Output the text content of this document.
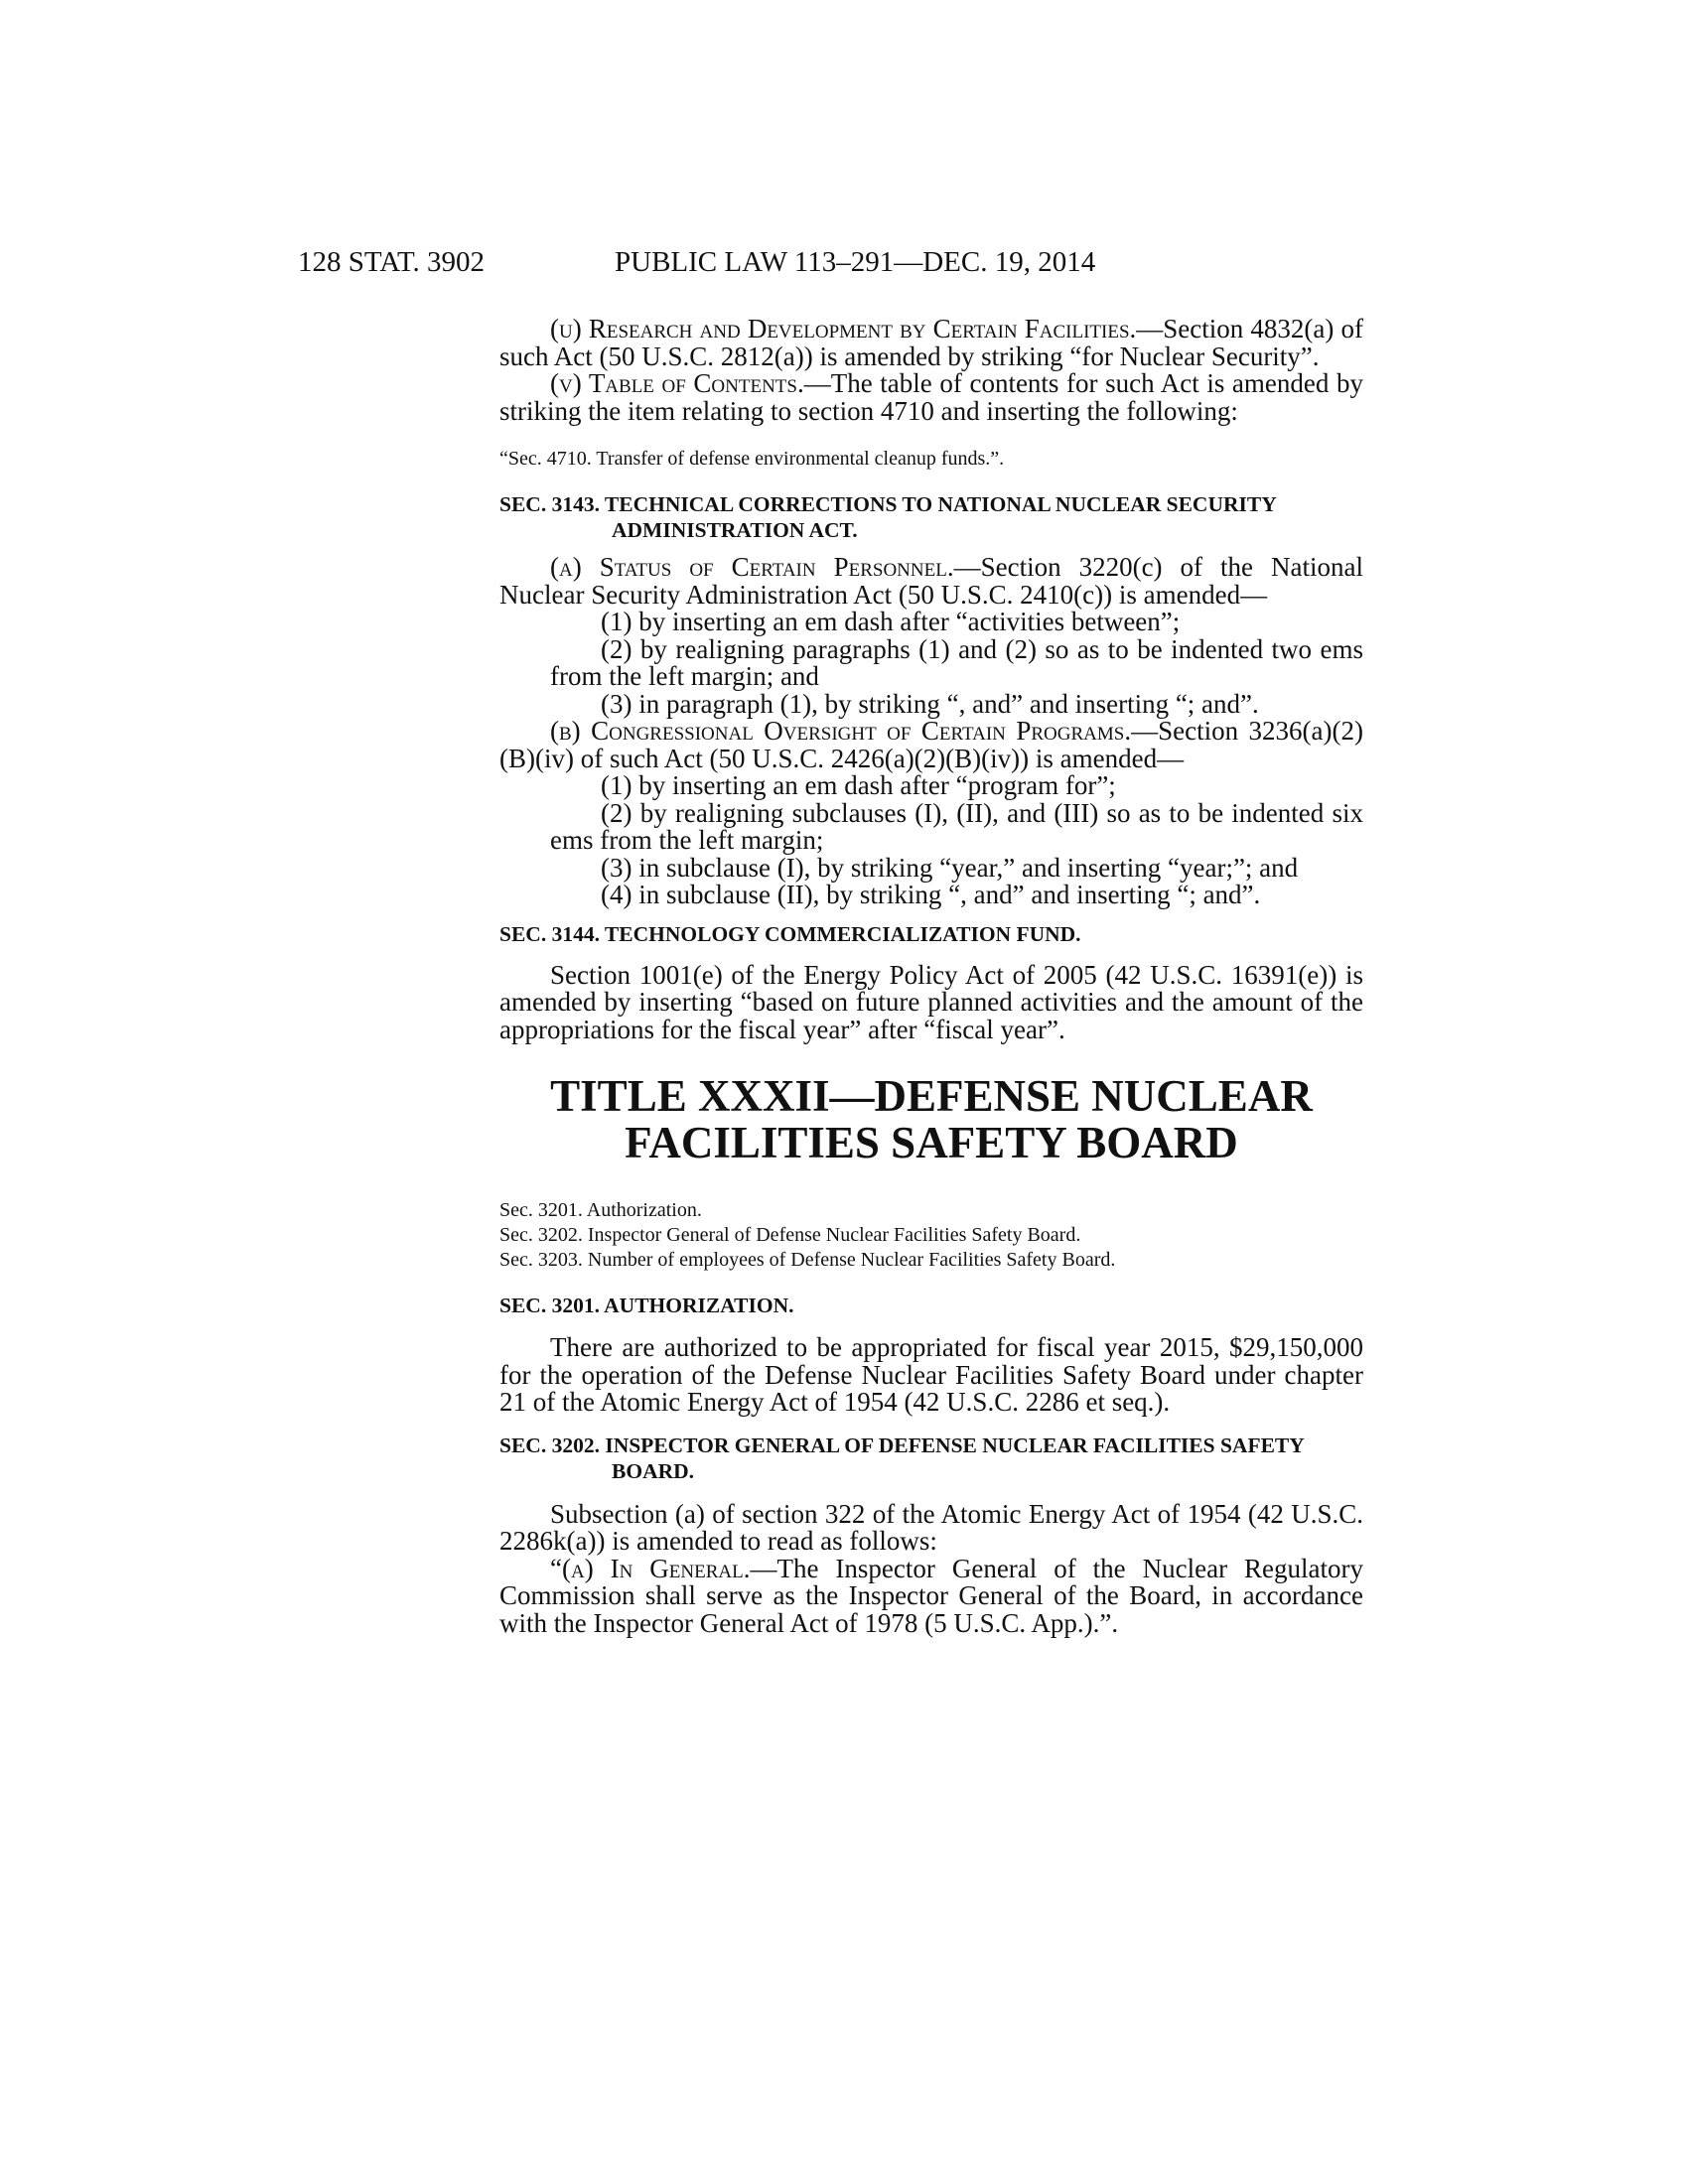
128 STAT. 3902	PUBLIC LAW 113–291—DEC. 19, 2014

(u) Research and Development by Certain Facilities.—Section 4832(a) of such Act (50 U.S.C. 2812(a)) is amended by striking “for Nuclear Security”.

(v) Table of Contents.—The table of contents for such Act is amended by striking the item relating to section 4710 and inserting the following:

“Sec. 4710. Transfer of defense environmental cleanup funds.”.

SEC. 3143. TECHNICAL CORRECTIONS TO NATIONAL NUCLEAR SECURITY ADMINISTRATION ACT.

(a) Status of Certain Personnel.—Section 3220(c) of the National Nuclear Security Administration Act (50 U.S.C. 2410(c)) is amended—

(1) by inserting an em dash after “activities between”;

(2) by realigning paragraphs (1) and (2) so as to be indented two ems from the left margin; and

(3) in paragraph (1), by striking “, and” and inserting “; and”.

(b) Congressional Oversight of Certain Programs.—Section 3236(a)(2)(B)(iv) of such Act (50 U.S.C. 2426(a)(2)(B)(iv)) is amended—

(1) by inserting an em dash after “program for”;

(2) by realigning subclauses (I), (II), and (III) so as to be indented six ems from the left margin;

(3) in subclause (I), by striking “year,” and inserting “year;”; and

(4) in subclause (II), by striking “, and” and inserting “; and”.

SEC. 3144. TECHNOLOGY COMMERCIALIZATION FUND.

Section 1001(e) of the Energy Policy Act of 2005 (42 U.S.C. 16391(e)) is amended by inserting “based on future planned activities and the amount of the appropriations for the fiscal year” after “fiscal year”.

TITLE XXXII—DEFENSE NUCLEAR
FACILITIES SAFETY BOARD

Sec. 3201. Authorization.

Sec. 3202. Inspector General of Defense Nuclear Facilities Safety Board.

Sec. 3203. Number of employees of Defense Nuclear Facilities Safety Board.

SEC. 3201. AUTHORIZATION.

There are authorized to be appropriated for fiscal year 2015, $29,150,000 for the operation of the Defense Nuclear Facilities Safety Board under chapter 21 of the Atomic Energy Act of 1954 (42 U.S.C. 2286 et seq.).

SEC. 3202. INSPECTOR GENERAL OF DEFENSE NUCLEAR FACILITIES SAFETY BOARD.

Subsection (a) of section 322 of the Atomic Energy Act of 1954 (42 U.S.C. 2286k(a)) is amended to read as follows:

“(a) In General.—The Inspector General of the Nuclear Regulatory Commission shall serve as the Inspector General of the Board, in accordance with the Inspector General Act of 1978 (5 U.S.C. App.).”.
